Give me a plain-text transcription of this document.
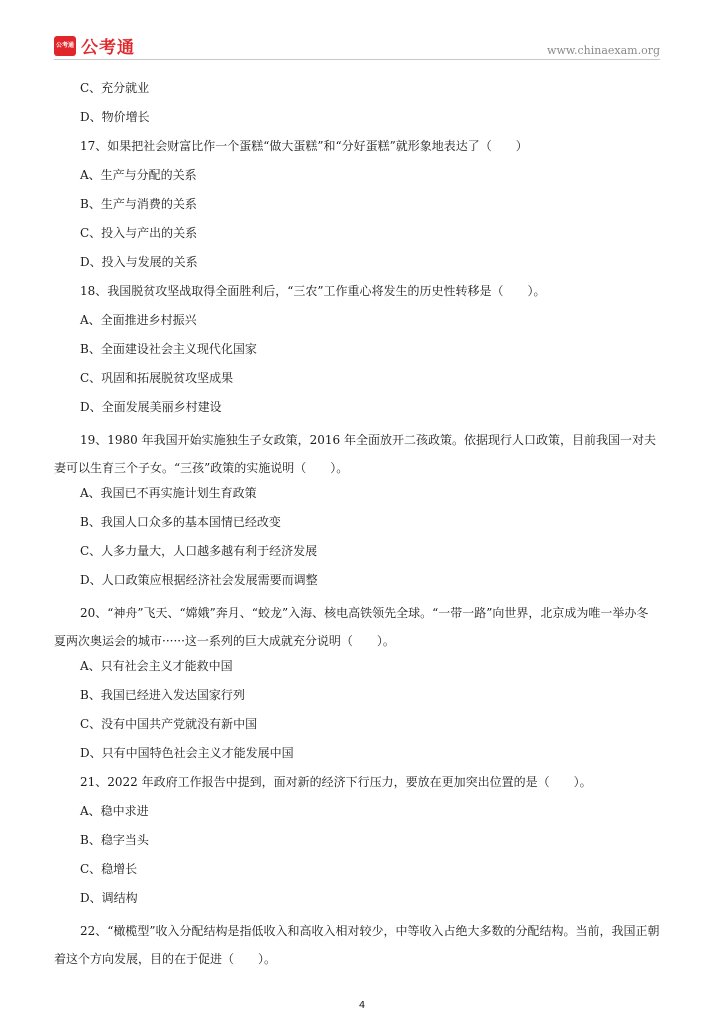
公考通 公考通	www.chinaexam.org
C、充分就业
D、物价增长
17、如果把社会财富比作一个蛋糕“做大蛋糕”和“分好蛋糕”就形象地表达了（　　）
A、生产与分配的关系
B、生产与消费的关系
C、投入与产出的关系
D、投入与发展的关系
18、我国脱贫攻坚战取得全面胜利后，“三农”工作重心将发生的历史性转移是（　　）。
A、全面推进乡村振兴
B、全面建设社会主义现代化国家
C、巩固和拓展脱贫攻坚成果
D、全面发展美丽乡村建设
19、1980 年我国开始实施独生子女政策，2016 年全面放开二孩政策。依据现行人口政策，目前我国一对夫妻可以生育三个子女。“三孩”政策的实施说明（　　）。
A、我国已不再实施计划生育政策
B、我国人口众多的基本国情已经改变
C、人多力量大，人口越多越有利于经济发展
D、人口政策应根据经济社会发展需要而调整
20、“神舟”飞天、“嫦娥”奔月、“蛟龙”入海、核电高铁领先全球。“一带一路”向世界，北京成为唯一举办冬夏两次奥运会的城市······这一系列的巨大成就充分说明（　　）。
A、只有社会主义才能救中国
B、我国已经进入发达国家行列
C、没有中国共产党就没有新中国
D、只有中国特色社会主义才能发展中国
21、2022 年政府工作报告中提到，面对新的经济下行压力，要放在更加突出位置的是（　　）。
A、稳中求进
B、稳字当头
C、稳增长
D、调结构
22、“橄榄型”收入分配结构是指低收入和高收入相对较少，中等收入占绝大多数的分配结构。当前，我国正朝着这个方向发展，目的在于促进（　　）。
4
